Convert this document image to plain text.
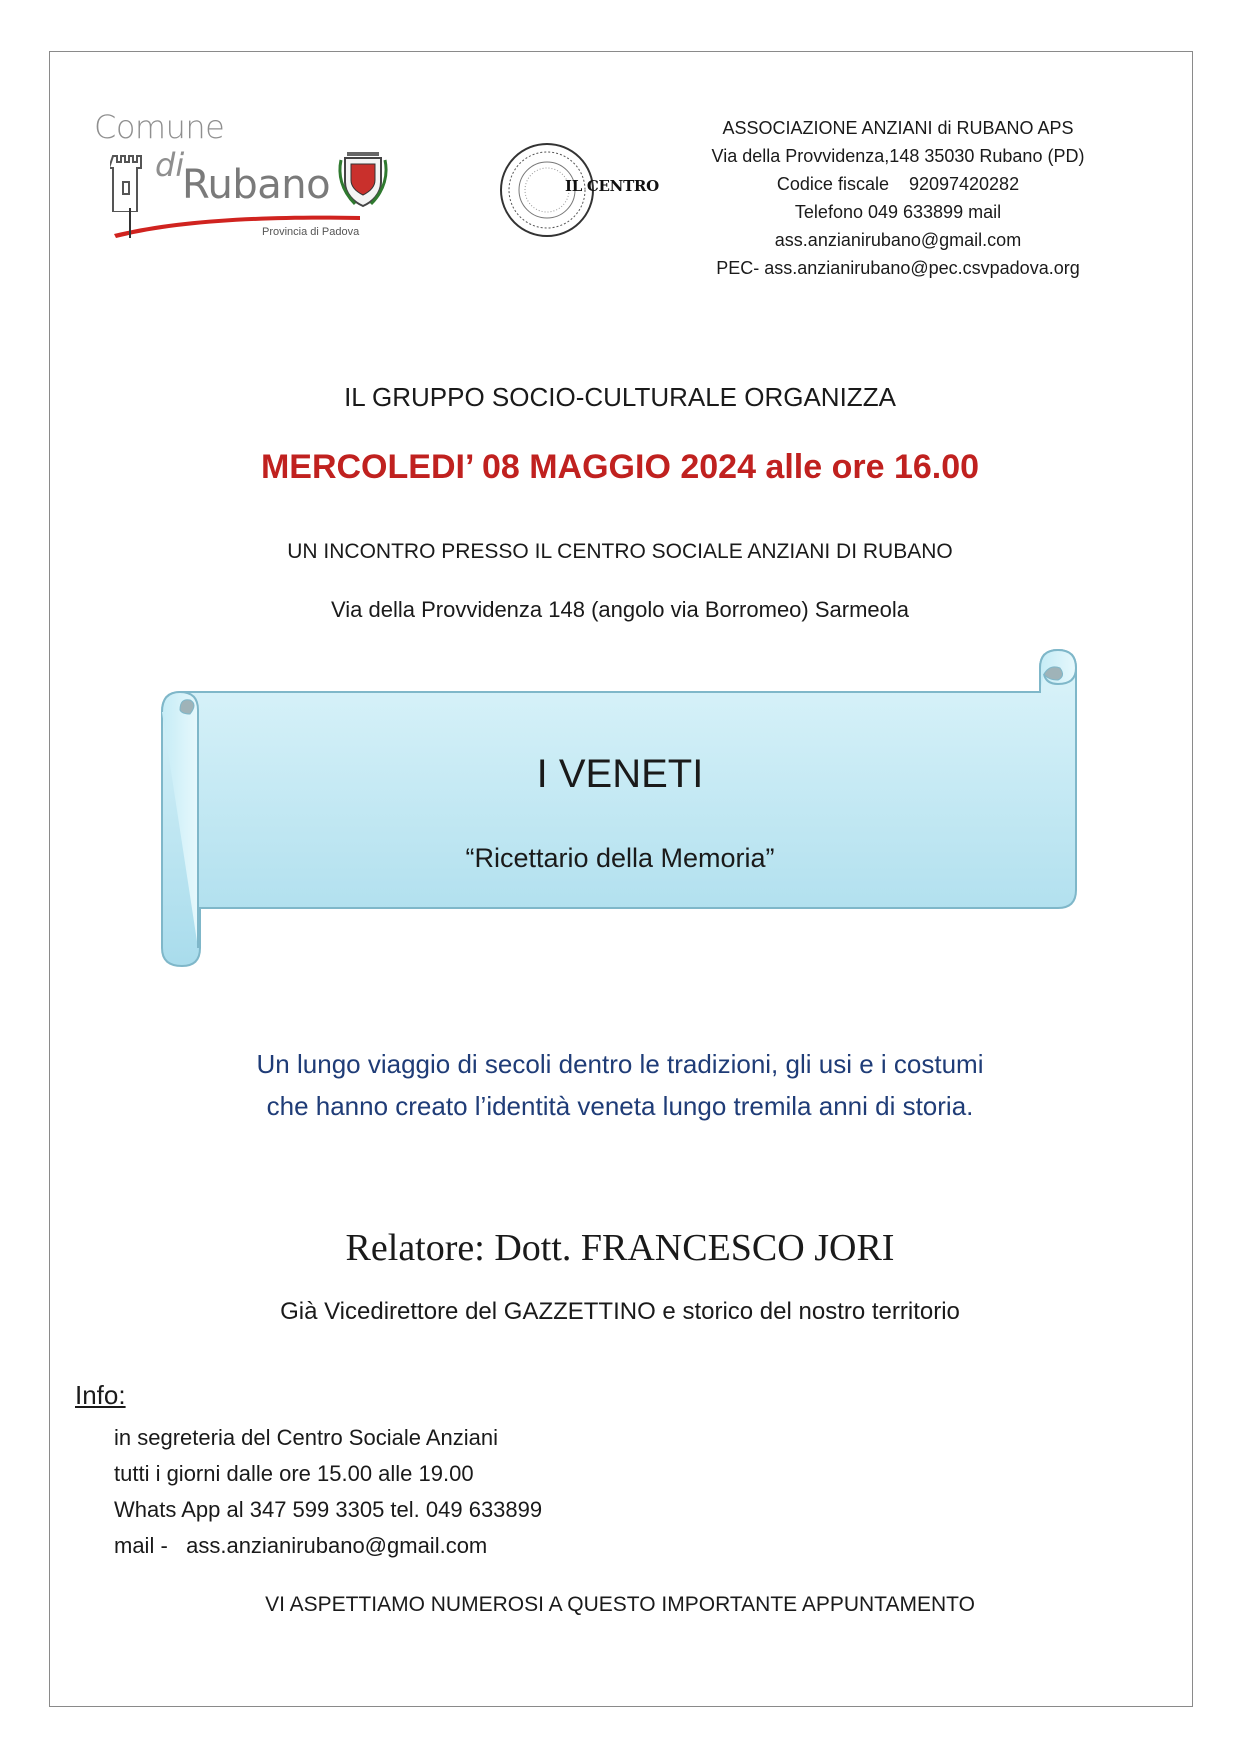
Comune
di
Rubano
Provincia di Padova
IL CENTRO
ASSOCIAZIONE ANZIANI di RUBANO APS
Via della Provvidenza,148 35030 Rubano (PD)
Codice fiscale    92097420282
Telefono 049 633899 mail
ass.anzianirubano@gmail.com
PEC- ass.anzianirubano@pec.csvpadova.org
IL GRUPPO SOCIO-CULTURALE ORGANIZZA
MERCOLEDI’ 08 MAGGIO 2024 alle ore 16.00
UN INCONTRO PRESSO IL CENTRO SOCIALE ANZIANI DI RUBANO
Via della Provvidenza 148 (angolo via Borromeo) Sarmeola
I VENETI
“Ricettario della Memoria”
Un lungo viaggio di secoli dentro le tradizioni, gli usi e i costumi
che hanno creato l’identità veneta lungo tremila anni di storia.
Relatore: Dott. FRANCESCO JORI
Già Vicedirettore del GAZZETTINO e storico del nostro territorio
Info:
in segreteria del Centro Sociale Anziani
tutti i giorni dalle ore 15.00 alle 19.00
Whats App al 347 599 3305 tel. 049 633899
mail -   ass.anzianirubano@gmail.com
VI ASPETTIAMO NUMEROSI A QUESTO IMPORTANTE APPUNTAMENTO
